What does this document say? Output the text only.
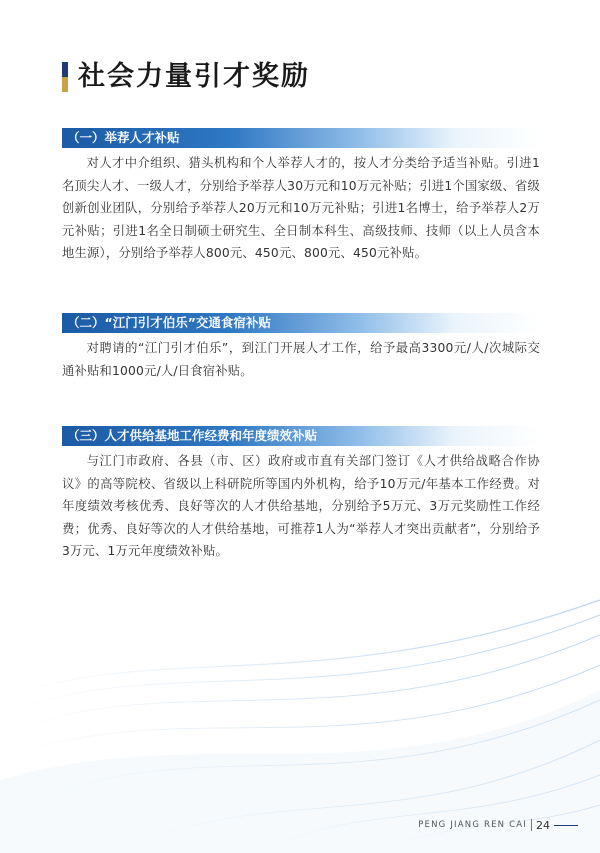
社会力量引才奖励
（一）举荐人才补贴
对人才中介组织、猎头机构和个人举荐人才的，按人才分类给予适当补贴。引进1名顶尖人才、一级人才，分别给予举荐人30万元和10万元补贴；引进1个国家级、省级创新创业团队，分别给予举荐人20万元和10万元补贴；引进1名博士，给予举荐人2万元补贴；引进1名全日制硕士研究生、全日制本科生、高级技师、技师（以上人员含本地生源），分别给予举荐人800元、450元、800元、450元补贴。
（二）“江门引才伯乐”交通食宿补贴
对聘请的“江门引才伯乐”，到江门开展人才工作，给予最高3300元/人/次城际交通补贴和1000元/人/日食宿补贴。
（三）人才供给基地工作经费和年度绩效补贴
与江门市政府、各县（市、区）政府或市直有关部门签订《人才供给战略合作协议》的高等院校、省级以上科研院所等国内外机构，给予10万元/年基本工作经费。对年度绩效考核优秀、良好等次的人才供给基地，分别给予5万元、3万元奖励性工作经费；优秀、良好等次的人才供给基地，可推荐1人为“举荐人才突出贡献者”，分别给予3万元、1万元年度绩效补贴。
PENG JIANG REN CAI 24
